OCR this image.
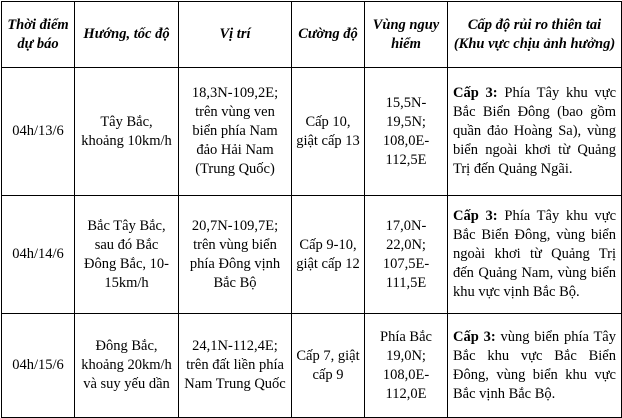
Thời điểm dự báo	Hướng, tốc độ	Vị trí	Cường độ	Vùng nguy hiểm	Cấp độ rủi ro thiên tai (Khu vực chịu ảnh hưởng)
04h/13/6	Tây Bắc, khoảng 10km/h	18,3N-109,2E; trên vùng ven biển phía Nam đảo Hải Nam (Trung Quốc)	Cấp 10, giật cấp 13	15,5N-19,5N; 108,0E-112,5E	Cấp 3: Phía Tây khu vực Bắc Biển Đông (bao gồm quần đảo Hoàng Sa), vùng biển ngoài khơi từ Quảng Trị đến Quảng Ngãi.
04h/14/6	Bắc Tây Bắc, sau đó Bắc Đông Bắc, 10-15km/h	20,7N-109,7E; trên vùng biển phía Đông vịnh Bắc Bộ	Cấp 9-10, giật cấp 12	17,0N-22,0N; 107,5E-111,5E	Cấp 3: Phía Tây khu vực Bắc Biển Đông, vùng biển ngoài khơi từ Quảng Trị đến Quảng Nam, vùng biển khu vực vịnh Bắc Bộ.
04h/15/6	Đông Bắc, khoảng 20km/h và suy yếu dần	24,1N-112,4E; trên đất liền phía Nam Trung Quốc	Cấp 7, giật cấp 9	Phía Bắc 19,0N; 108,0E-112,0E	Cấp 3: vùng biển phía Tây Bắc khu vực Bắc Biển Đông, vùng biển khu vực Bắc vịnh Bắc Bộ.
